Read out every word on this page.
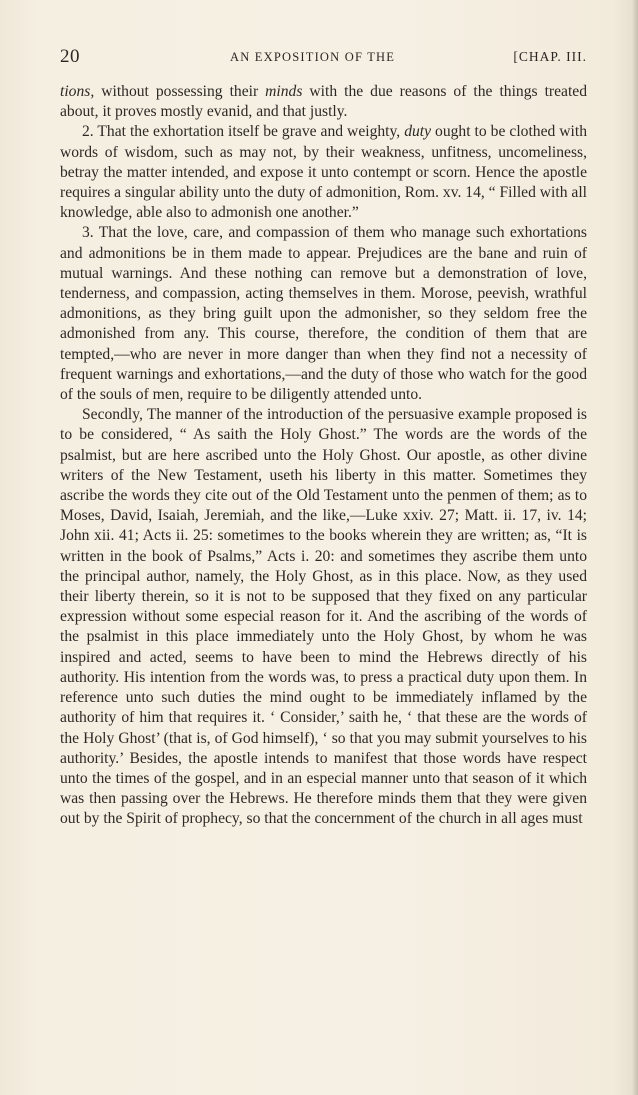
20	AN EXPOSITION OF THE	[CHAP. III.

tions, without possessing their minds with the due reasons of the things treated about, it proves mostly evanid, and that justly.

2. That the exhortation itself be grave and weighty, duty ought to be clothed with words of wisdom, such as may not, by their weakness, unfitness, uncomeliness, betray the matter intended, and expose it unto contempt or scorn. Hence the apostle requires a singular ability unto the duty of admonition, Rom. xv. 14, “ Filled with all knowledge, able also to admonish one another.”

3. That the love, care, and compassion of them who manage such exhortations and admonitions be in them made to appear. Prejudices are the bane and ruin of mutual warnings. And these nothing can remove but a demonstration of love, tenderness, and compassion, acting themselves in them. Morose, peevish, wrathful admonitions, as they bring guilt upon the admonisher, so they seldom free the admonished from any. This course, therefore, the condition of them that are tempted,—who are never in more danger than when they find not a necessity of frequent warnings and exhortations,—and the duty of those who watch for the good of the souls of men, require to be diligently attended unto.

Secondly, The manner of the introduction of the persuasive example proposed is to be considered, “ As saith the Holy Ghost.” The words are the words of the psalmist, but are here ascribed unto the Holy Ghost. Our apostle, as other divine writers of the New Testament, useth his liberty in this matter. Sometimes they ascribe the words they cite out of the Old Testament unto the penmen of them; as to Moses, David, Isaiah, Jeremiah, and the like,—Luke xxiv. 27; Matt. ii. 17, iv. 14; John xii. 41; Acts ii. 25: sometimes to the books wherein they are written; as, “It is written in the book of Psalms,” Acts i. 20: and sometimes they ascribe them unto the principal author, namely, the Holy Ghost, as in this place. Now, as they used their liberty therein, so it is not to be supposed that they fixed on any particular expression without some especial reason for it. And the ascribing of the words of the psalmist in this place immediately unto the Holy Ghost, by whom he was inspired and acted, seems to have been to mind the Hebrews directly of his authority. His intention from the words was, to press a practical duty upon them. In reference unto such duties the mind ought to be immediately inflamed by the authority of him that requires it. ‘ Consider,’ saith he, ‘ that these are the words of the Holy Ghost’ (that is, of God himself), ‘ so that you may submit yourselves to his authority.’ Besides, the apostle intends to manifest that those words have respect unto the times of the gospel, and in an especial manner unto that season of it which was then passing over the Hebrews. He therefore minds them that they were given out by the Spirit of prophecy, so that the concernment of the church in all ages must
